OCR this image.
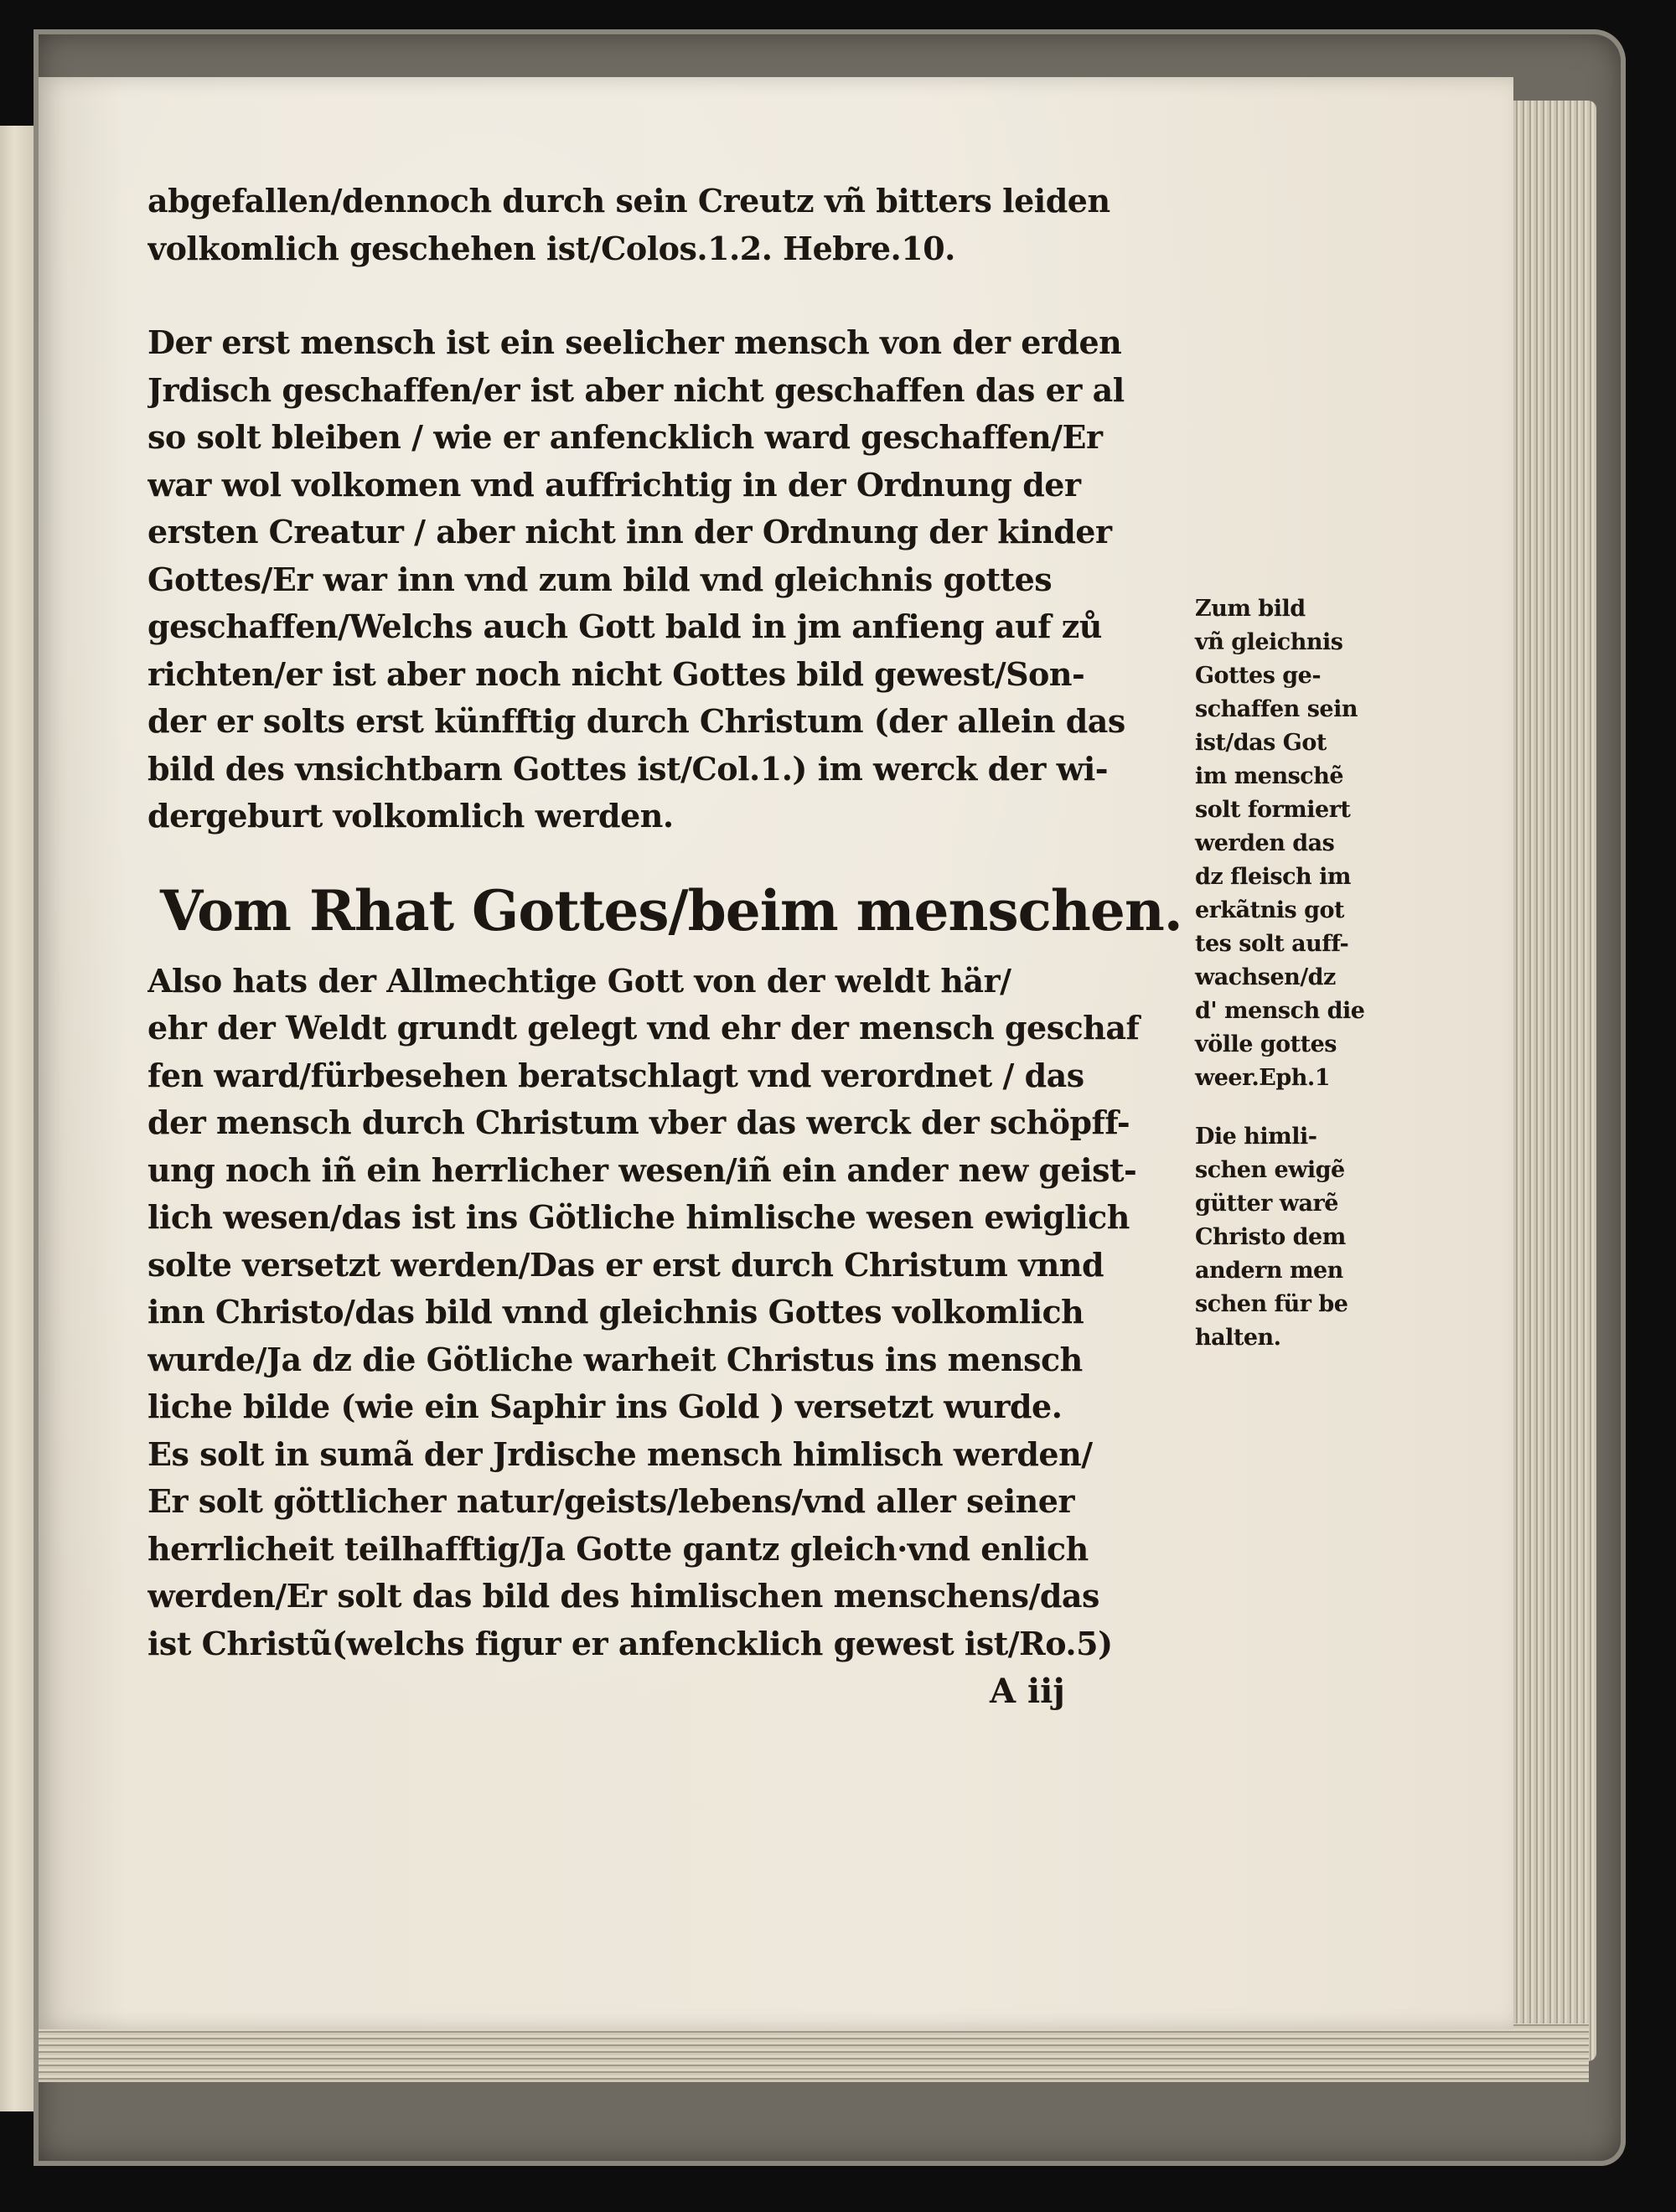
abgefallen/dennoch durch sein Creutz vñ bitters leiden
volkomlich geschehen ist/Colos.1.2. Hebre.10.
Der erst mensch ist ein seelicher mensch von der erden
Jrdisch geschaffen/er ist aber nicht geschaffen das er al
so solt bleiben / wie er anfencklich ward geschaffen/Er
war wol volkomen vnd auffrichtig in der Ordnung der
ersten Creatur / aber nicht inn der Ordnung der kinder
Gottes/Er war inn vnd zum bild vnd gleichnis gottes
geschaffen/Welchs auch Gott bald in jm anfieng auf zů
richten/er ist aber noch nicht Gottes bild gewest/Son-
der er solts erst künfftig durch Christum (der allein das
bild des vnsichtbarn Gottes ist/Col.1.) im werck der wi-
dergeburt volkomlich werden.
Vom Rhat Gottes/beim menschen.
Also hats der Allmechtige Gott von der weldt här/
ehr der Weldt grundt gelegt vnd ehr der mensch geschaf
fen ward/fürbesehen beratschlagt vnd verordnet / das
der mensch durch Christum vber das werck der schöpff-
ung noch iñ ein herrlicher wesen/iñ ein ander new geist-
lich wesen/das ist ins Götliche himlische wesen ewiglich
solte versetzt werden/Das er erst durch Christum vnnd
inn Christo/das bild vnnd gleichnis Gottes volkomlich
wurde/Ja dz die Götliche warheit Christus ins mensch
liche bilde (wie ein Saphir ins Gold ) versetzt wurde.
Es solt in sumã der Jrdische mensch himlisch werden/
Er solt göttlicher natur/geists/lebens/vnd aller seiner
herrlicheit teilhafftig/Ja Gotte gantz gleich·vnd enlich
werden/Er solt das bild des himlischen menschens/das
ist Christũ(welchs figur er anfencklich gewest ist/Ro.5)
A iij
Zum bild
vñ gleichnis
Gottes ge-
schaffen sein
ist/das Got
im menschẽ
solt formiert
werden das
dz fleisch im
erkãtnis got
tes solt auff-
wachsen/dz
d' mensch die
völle gottes
weer.Eph.1
Die himli-
schen ewigẽ
gütter warẽ
Christo dem
andern men
schen für be
halten.
